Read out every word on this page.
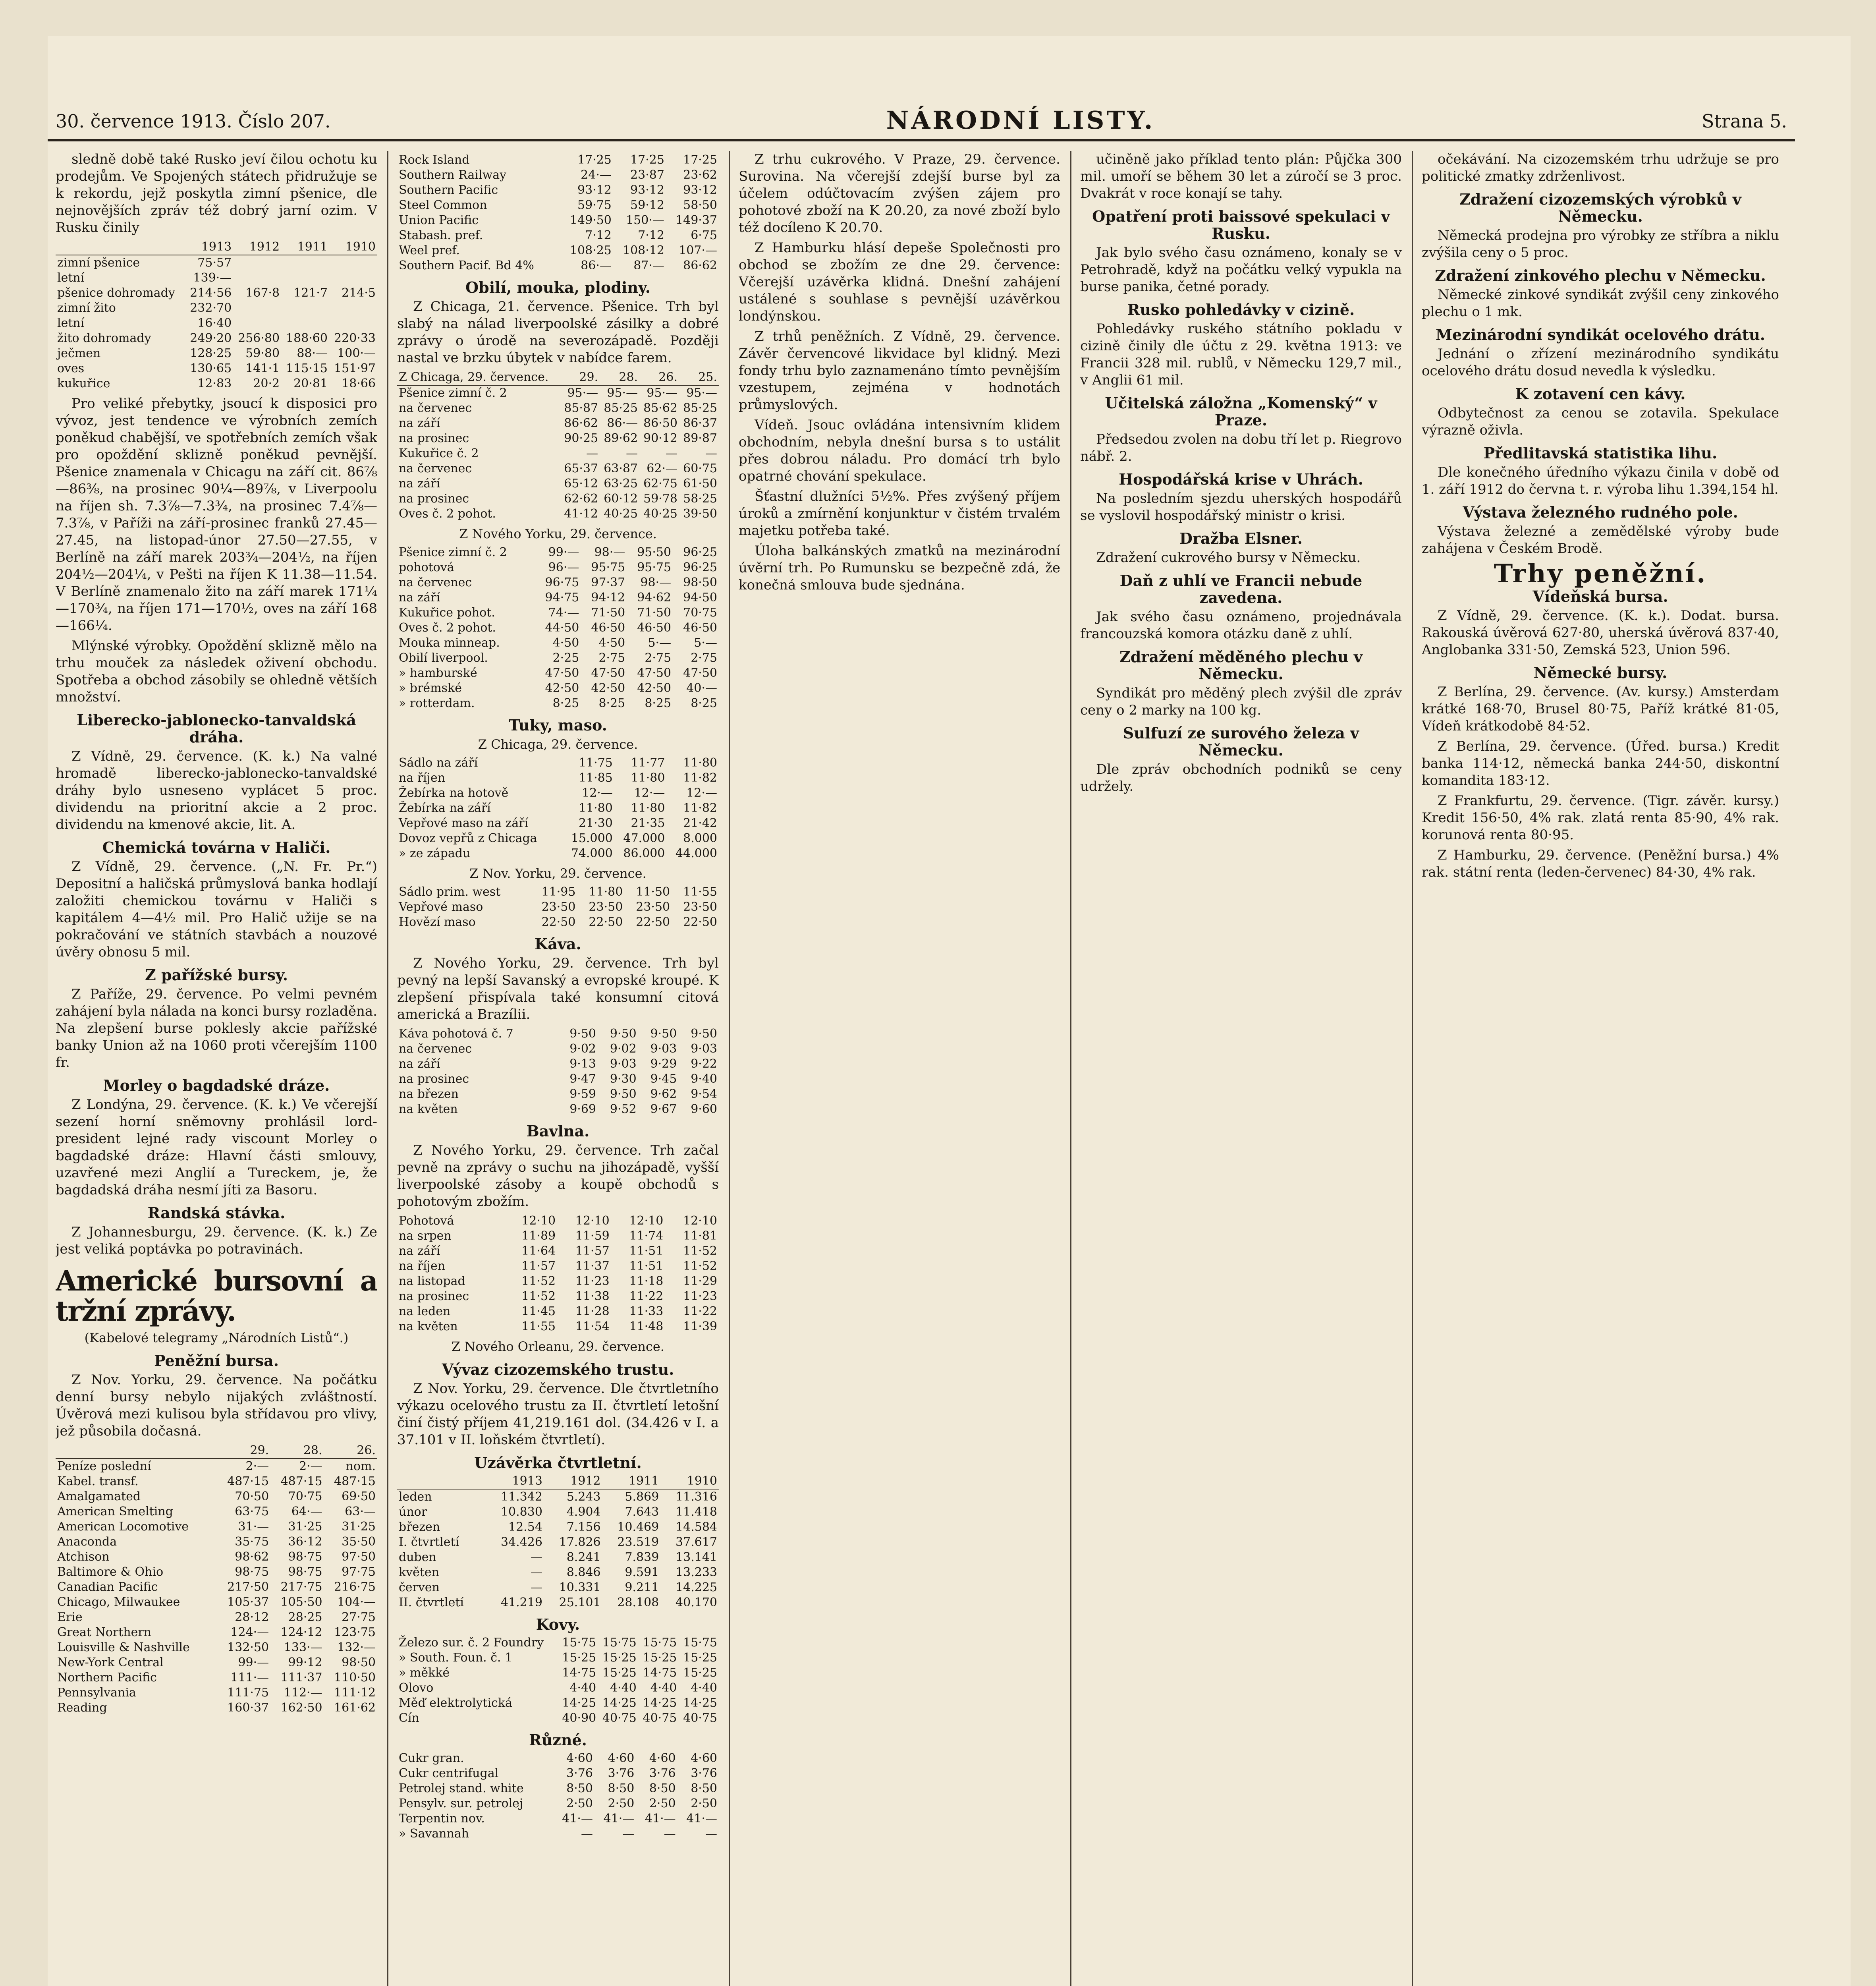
30. července 1913. Číslo 207.	NÁRODNÍ LISTY.	Strana 5.

sledně době také Rusko jeví čilou ochotu ku prodejům. Ve Spojených státech přidružuje se k rekordu, jejž poskytla zimní pšenice, dle nejnovějších zpráv též dobrý jarní ozim. V Rusku činily

	1913	1912	1911	1910
zimní pšenice	75·57			
letní	139·—			
pšenice dohromady	214·56	167·8	121·7	214·5
zimní žito	232·70			
letní	16·40			
žito dohromady	249·20	256·80	188·60	220·33
ječmen	128·25	59·80	88·—	100·—
oves	130·65	141·1	115·15	151·97
kukuřice	12·83	20·2	20·81	18·66

Pro veliké přebytky, jsoucí k disposici pro vývoz, jest tendence ve výrobních zemích poněkud chabější, ve spotřebních zemích však pro opoždění sklizně poněkud pevnější. Pšenice znamenala v Chicagu na září cit. 86⅞—86⅜, na prosinec 90¼—89⅞, v Liverpoolu na říjen sh. 7.3⅞—7.3¾, na prosinec 7.4⅞—7.3⅞, v Paříži na září-prosinec franků 27.45—27.45, na listopad-únor 27.50—27.55, v Berlíně na září marek 203¾—204½, na říjen 204½—204¼, v Pešti na říjen K 11.38—11.54. V Berlíně znamenalo žito na září marek 171¼—170¾, na říjen 171—170½, oves na září 168—166¼.

Mlýnské výrobky. Opoždění sklizně mělo na trhu mouček za následek oživení obchodu. Spotřeba a obchod zásobily se ohledně větších množství.

Liberecko-jablonecko-tanvaldská dráha.

Z Vídně, 29. července. (K. k.) Na valné hromadě liberecko-jablonecko-tanvaldské dráhy bylo usneseno vyplácet 5 proc. dividendu na prioritní akcie a 2 proc. dividendu na kmenové akcie, lit. A.

Chemická továrna v Haliči.

Z Vídně, 29. července. („N. Fr. Pr.“) Depositní a haličská průmyslová banka hodlají založiti chemickou továrnu v Haliči s kapitálem 4—4½ mil. Pro Halič užije se na pokračování ve státních stavbách a nouzové úvěry obnosu 5 mil.

Z pařížské bursy.

Z Paříže, 29. července. Po velmi pevném zahájení byla nálada na konci bursy rozladěna. Na zlepšení burse poklesly akcie pařížské banky Union až na 1060 proti včerejším 1100 fr.

Morley o bagdadské dráze.

Z Londýna, 29. července. (K. k.) Ve včerejší sezení horní sněmovny prohlásil lord-president lejné rady viscount Morley o bagdadské dráze: Hlavní části smlouvy, uzavřené mezi Anglií a Tureckem, je, že bagdadská dráha nesmí jíti za Basoru.

Randská stávka.

Z Johannesburgu, 29. července. (K. k.) Ze jest veliká poptávka po potravinách.

Americké bursovní a tržní zprávy.
(Kabelové telegramy „Národních Listů“.)
Peněžní bursa.

Z Nov. Yorku, 29. července. Na počátku denní bursy nebylo nijakých zvláštností. Úvěrová mezi kulisou byla střídavou pro vlivy, jež působila dočasná.

	29.	28.	26.
Peníze poslední	2·—	2·—	nom.
Kabel. transf.	487·15	487·15	487·15
Amalgamated	70·50	70·75	69·50
American Smelting	63·75	64·—	63·—
American Locomotive	31·—	31·25	31·25
Anaconda	35·75	36·12	35·50
Atchison	98·62	98·75	97·50
Baltimore & Ohio	98·75	98·75	97·75
Canadian Pacific	217·50	217·75	216·75
Chicago, Milwaukee	105·37	105·50	104·—
Erie	28·12	28·25	27·75
Great Northern	124·—	124·12	123·75
Louisville & Nashville	132·50	133·—	132·—
New-York Central	99·—	99·12	98·50
Northern Pacific	111·—	111·37	110·50
Pennsylvania	111·75	112·—	111·12
Reading	160·37	162·50	161·62
Rock Island	17·25	17·25	17·25
Southern Railway	24·—	23·87	23·62
Southern Pacific	93·12	93·12	93·12
Steel Common	59·75	59·12	58·50
Union Pacific	149·50	150·—	149·37
Stabash. pref.	7·12	7·12	6·75
Weel pref.	108·25	108·12	107·—
Southern Pacif. Bd 4%	86·—	87·—	86·62
Obilí, mouka, plodiny.

Z Chicaga, 21. července. Pšenice. Trh byl slabý na nálad liverpoolské zásilky a dobré zprávy o úrodě na severozápadě. Později nastal ve brzku úbytek v nabídce farem.

Z Chicaga, 29. července.	29.	28.	26.	25.
Pšenice zimní č. 2	95·—	95·—	95·—	95·—
na červenec	85·87	85·25	85·62	85·25
na září	86·62	86·—	86·50	86·37
na prosinec	90·25	89·62	90·12	89·87
Kukuřice č. 2	—	—	—	—
na červenec	65·37	63·87	62·—	60·75
na září	65·12	63·25	62·75	61·50
na prosinec	62·62	60·12	59·78	58·25
Oves č. 2 pohot.	41·12	40·25	40·25	39·50
Z Nového Yorku, 29. července.
Pšenice zimní č. 2	99·—	98·—	95·50	96·25
pohotová	96·—	95·75	95·75	96·25
na červenec	96·75	97·37	98·—	98·50
na září	94·75	94·12	94·62	94·50
Kukuřice pohot.	74·—	71·50	71·50	70·75
Oves č. 2 pohot.	44·50	46·50	46·50	46·50
Mouka minneap.	4·50	4·50	5·—	5·—
Obilí liverpool.	2·25	2·75	2·75	2·75
» hamburské	47·50	47·50	47·50	47·50
» brémské	42·50	42·50	42·50	40·—
» rotterdam.	8·25	8·25	8·25	8·25
Tuky, maso.
Z Chicaga, 29. července.
Sádlo na září	11·75	11·77	11·80
na říjen	11·85	11·80	11·82
Žebírka na hotově	12·—	12·—	12·—
Žebírka na září	11·80	11·80	11·82
Vepřové maso na září	21·30	21·35	21·42
Dovoz vepřů z Chicaga	15.000	47.000	8.000
» ze západu	74.000	86.000	44.000
Z Nov. Yorku, 29. července.
Sádlo prim. west	11·95	11·80	11·50	11·55
Vepřové maso	23·50	23·50	23·50	23·50
Hovězí maso	22·50	22·50	22·50	22·50
Káva.

Z Nového Yorku, 29. července. Trh byl pevný na lepší Savanský a evropské kroupé. K zlepšení přispívala také konsumní citová americká a Brazílii.

Káva pohotová č. 7	9·50	9·50	9·50	9·50
na červenec	9·02	9·02	9·03	9·03
na září	9·13	9·03	9·29	9·22
na prosinec	9·47	9·30	9·45	9·40
na březen	9·59	9·50	9·62	9·54
na květen	9·69	9·52	9·67	9·60
Bavlna.

Z Nového Yorku, 29. července. Trh začal pevně na zprávy o suchu na jihozápadě, vyšší liverpoolské zásoby a koupě obchodů s pohotovým zbožím.

Pohotová	12·10	12·10	12·10	12·10
na srpen	11·89	11·59	11·74	11·81
na září	11·64	11·57	11·51	11·52
na říjen	11·57	11·37	11·51	11·52
na listopad	11·52	11·23	11·18	11·29
na prosinec	11·52	11·38	11·22	11·23
na leden	11·45	11·28	11·33	11·22
na květen	11·55	11·54	11·48	11·39
Z Nového Orleanu, 29. července.
Vývaz cizozemského trustu.

Z Nov. Yorku, 29. července. Dle čtvrtletního výkazu ocelového trustu za II. čtvrtletí letošní činí čistý příjem 41,219.161 dol. (34.426 v I. a 37.101 v II. loňském čtvrtletí).

Uzávěrka čtvrtletní.
	1913	1912	1911	1910
leden	11.342	5.243	5.869	11.316
únor	10.830	4.904	7.643	11.418
březen	12.54	7.156	10.469	14.584
I. čtvrtletí	34.426	17.826	23.519	37.617
duben	—	8.241	7.839	13.141
květen	—	8.846	9.591	13.233
červen	—	10.331	9.211	14.225
II. čtvrtletí	41.219	25.101	28.108	40.170
Kovy.
Železo sur. č. 2 Foundry	15·75	15·75	15·75	15·75
» South. Foun. č. 1	15·25	15·25	15·25	15·25
» měkké	14·75	15·25	14·75	15·25
Olovo	4·40	4·40	4·40	4·40
Měď elektrolytická	14·25	14·25	14·25	14·25
Cín	40·90	40·75	40·75	40·75
Různé.
Cukr gran.	4·60	4·60	4·60	4·60
Cukr centrifugal	3·76	3·76	3·76	3·76
Petrolej stand. white	8·50	8·50	8·50	8·50
Pensylv. sur. petrolej	2·50	2·50	2·50	2·50
Terpentin nov.	41·—	41·—	41·—	41·—
» Savannah	—	—	—	—

Z trhu cukrového. V Praze, 29. července. Surovina. Na včerejší zdejší burse byl za účelem odúčtovacím zvýšen zájem pro pohotové zboží na K 20.20, za nové zboží bylo též docíleno K 20.70.

Z Hamburku hlásí depeše Společnosti pro obchod se zbožím ze dne 29. července: Včerejší uzávěrka klidná. Dnešní zahájení ustálené s souhlase s pevnější uzávěrkou londýnskou.

Z trhů peněžních. Z Vídně, 29. července. Závěr červencové likvidace byl klidný. Mezi fondy trhu bylo zaznamenáno tímto pevnějším vzestupem, zejména v hodnotách průmyslových.

Vídeň. Jsouc ovládána intensivním klidem obchodním, nebyla dnešní bursa s to ustálit přes dobrou náladu. Pro domácí trh bylo opatrné chování spekulace.

Šťastní dlužníci 5½%. Přes zvýšený příjem úroků a zmírnění konjunktur v čistém trvalém majetku potřeba také.

Úloha balkánských zmatků na mezinárodní úvěrní trh. Po Rumunsku se bezpečně zdá, že konečná smlouva bude sjednána.

učiněně jako příklad tento plán: Půjčka 300 mil. umoří se během 30 let a zúročí se 3 proc. Dvakrát v roce konají se tahy.

Opatření proti baissové spekulaci v Rusku.

Jak bylo svého času oznámeno, konaly se v Petrohradě, když na počátku velký vypukla na burse panika, četné porady.

Rusko pohledávky v cizině.

Pohledávky ruského státního pokladu v cizině činily dle účtu z 29. května 1913: ve Francii 328 mil. rublů, v Německu 129,7 mil., v Anglii 61 mil.

Učitelská záložna „Komenský“ v Praze.

Předsedou zvolen na dobu tří let p. Riegrovo nábř. 2.

Hospodářská krise v Uhrách.

Na posledním sjezdu uherských hospodářů se vyslovil hospodářský ministr o krisi.

Dražba Elsner.

Zdražení cukrového bursy v Německu.

Daň z uhlí ve Francii nebude zavedena.

Jak svého času oznámeno, projednávala francouzská komora otázku daně z uhlí.

Zdražení měděného plechu v Německu.

Syndikát pro měděný plech zvýšil dle zpráv ceny o 2 marky na 100 kg.

Sulfuzí ze surového železa v Německu.

Dle zpráv obchodních podniků se ceny udržely.

očekávání. Na cizozemském trhu udržuje se pro politické zmatky zdrženlivost.

Zdražení cizozemských výrobků v Německu.

Německá prodejna pro výrobky ze stříbra a niklu zvýšila ceny o 5 proc.

Zdražení zinkového plechu v Německu.

Německé zinkové syndikát zvýšil ceny zinkového plechu o 1 mk.

Mezinárodní syndikát ocelového drátu.

Jednání o zřízení mezinárodního syndikátu ocelového drátu dosud nevedla k výsledku.

K zotavení cen kávy.

Odbytečnost za cenou se zotavila. Spekulace výrazně oživla.

Předlitavská statistika lihu.

Dle konečného úředního výkazu činila v době od 1. září 1912 do června t. r. výroba lihu 1.394,154 hl.

Výstava železného rudného pole.

Výstava železné a zemědělské výroby bude zahájena v Českém Brodě.

Trhy peněžní.
Vídeňská bursa.

Z Vídně, 29. července. (K. k.). Dodat. bursa. Rakouská úvěrová 627·80, uherská úvěrová 837·40, Anglobanka 331·50, Zemská 523, Union 596.

Německé bursy.

Z Berlína, 29. července. (Av. kursy.) Amsterdam krátké 168·70, Brusel 80·75, Paříž krátké 81·05, Vídeň krátkodobě 84·52.

Z Berlína, 29. července. (Úřed. bursa.) Kredit banka 114·12, německá banka 244·50, diskontní komandita 183·12.

Z Frankfurtu, 29. července. (Tigr. závěr. kursy.) Kredit 156·50, 4% rak. zlatá renta 85·90, 4% rak. korunová renta 80·95.

Z Hamburku, 29. července. (Peněžní bursa.) 4% rak. státní renta (leden-červenec) 84·30, 4% rak.
